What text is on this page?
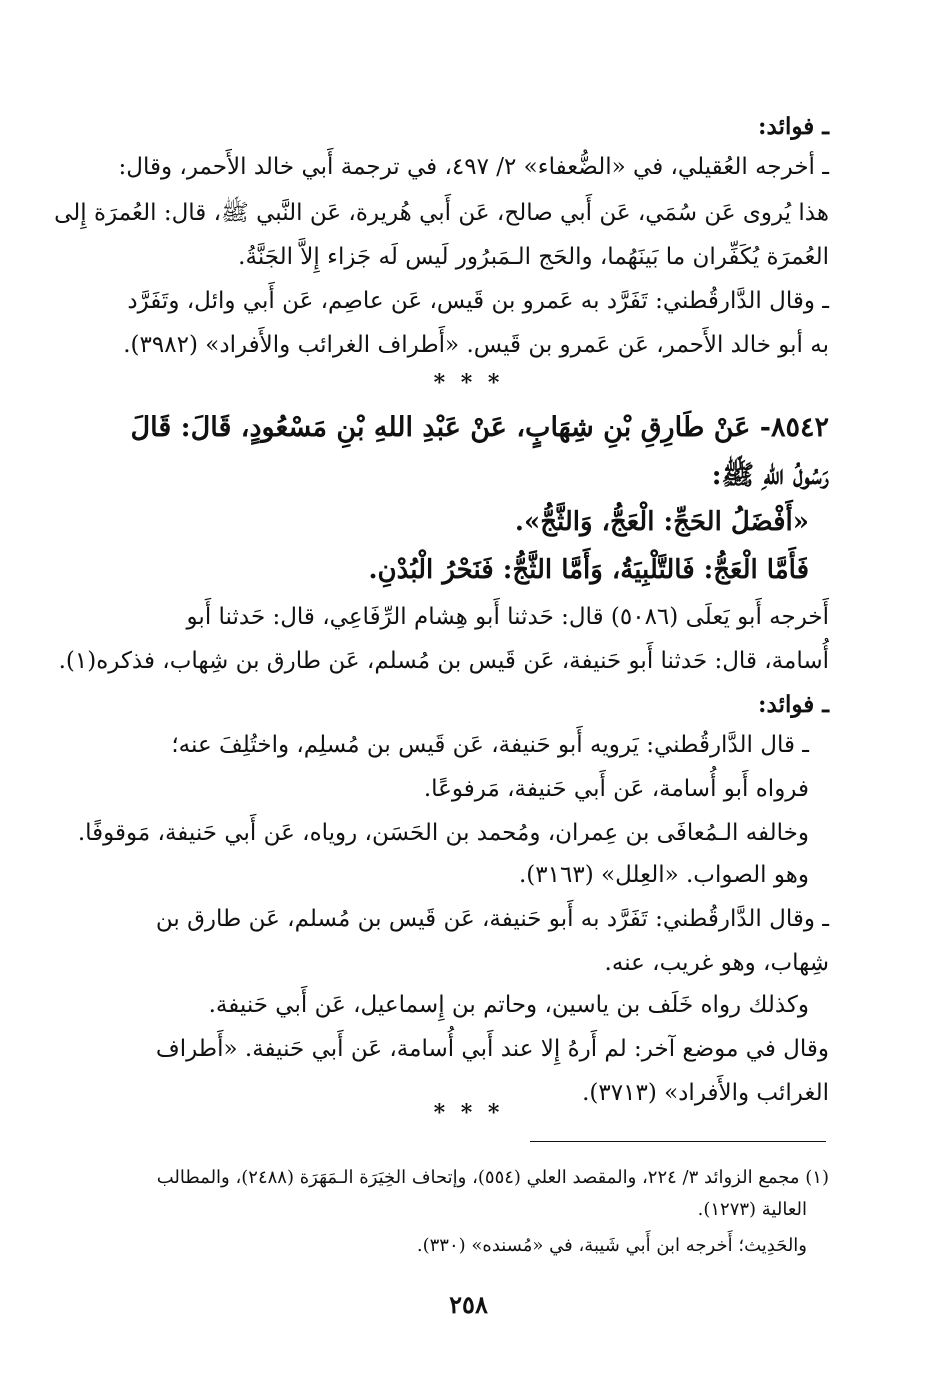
ـ فوائد:
ـ أخرجه العُقيلي، في «الضُّعفاء» ٢/ ٤٩٧، في ترجمة أَبي خالد الأَحمر، وقال:
هذا يُروى عَن سُمَي، عَن أَبي صالح، عَن أَبي هُريرة، عَن النَّبي ﷺ، قال: العُمرَة إِلى
العُمرَة يُكَفِّران ما بَينَهُما، والحَج الـمَبرُور لَيس لَه جَزاء إِلاَّ الجَنَّةُ.
ـ وقال الدَّارقُطني: تَفَرَّد به عَمرو بن قَيس، عَن عاصِم، عَن أَبي وائل، وتَفَرَّد
به أبو خالد الأَحمر، عَن عَمرو بن قَيس. «أَطراف الغرائب والأَفراد» (٣٩٨٢).
* * *
٨٥٤٢- عَنْ طَارِقِ بْنِ شِهَابٍ، عَنْ عَبْدِ اللهِ بْنِ مَسْعُودٍ، قَالَ: قَالَ
رَسُولُ اللهِ ﷺ:
«أَفْضَلُ الحَجِّ: الْعَجُّ، وَالثَّجُّ».
فَأَمَّا الْعَجُّ: فَالتَّلْبِيَةُ، وَأَمَّا الثَّجُّ: فَنَحْرُ الْبُدْنِ.
أَخرجه أَبو يَعلَى (٥٠٨٦) قال: حَدثنا أَبو هِشام الرِّفَاعِي، قال: حَدثنا أَبو
أُسامة، قال: حَدثنا أَبو حَنيفة، عَن قَيس بن مُسلم، عَن طارق بن شِهاب، فذكره(١).
ـ فوائد:
ـ قال الدَّارقُطني: يَرويه أَبو حَنيفة، عَن قَيس بن مُسلِم، واختُلِفَ عنه؛
فرواه أَبو أُسامة، عَن أَبي حَنيفة، مَرفوعًا.
وخالفه الـمُعافَى بن عِمران، ومُحمد بن الحَسَن، روياه، عَن أَبي حَنيفة، مَوقوفًا.
وهو الصواب. «العِلل» (٣١٦٣).
ـ وقال الدَّارقُطني: تَفَرَّد به أَبو حَنيفة، عَن قَيس بن مُسلم، عَن طارق بن
شِهاب، وهو غريب، عنه.
وكذلك رواه خَلَف بن ياسين، وحاتم بن إِسماعيل، عَن أَبي حَنيفة.
وقال في موضع آخر: لم أَرهُ إِلا عند أَبي أُسامة، عَن أَبي حَنيفة. «أَطراف
الغرائب والأَفراد» (٣٧١٣).
* * *
(١) مجمع الزوائد ٣/ ٢٢٤، والمقصد العلي (٥٥٤)، وإتحاف الخِيَرَة الـمَهَرَة (٢٤٨٨)، والمطالب
العالية (١٢٧٣).
والحَدِيث؛ أَخرجه ابن أَبي شَيبة، في «مُسنده» (٣٣٠).
٢٥٨
